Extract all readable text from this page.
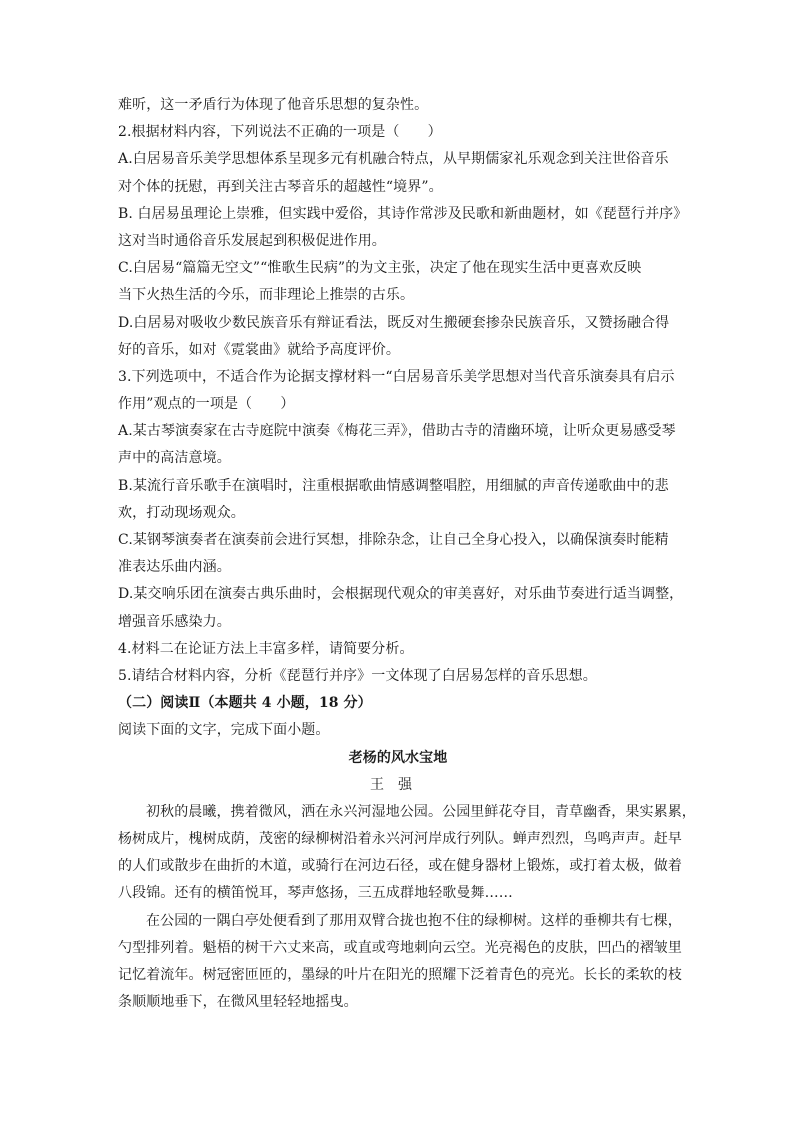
难听，这一矛盾行为体现了他音乐思想的复杂性。
2.根据材料内容，下列说法不正确的一项是（　　）
A.白居易音乐美学思想体系呈现多元有机融合特点，从早期儒家礼乐观念到关注世俗音乐
对个体的抚慰，再到关注古琴音乐的超越性“境界”。
B. 白居易虽理论上崇雅，但实践中爱俗，其诗作常涉及民歌和新曲题材，如《琵琶行并序》
这对当时通俗音乐发展起到积极促进作用。
C.白居易“篇篇无空文”“惟歌生民病”的为文主张，决定了他在现实生活中更喜欢反映
当下火热生活的今乐，而非理论上推崇的古乐。
D.白居易对吸收少数民族音乐有辩证看法，既反对生搬硬套掺杂民族音乐，又赞扬融合得
好的音乐，如对《霓裳曲》就给予高度评价。
3.下列选项中，不适合作为论据支撑材料一“白居易音乐美学思想对当代音乐演奏具有启示
作用”观点的一项是（　　）
A.某古琴演奏家在古寺庭院中演奏《梅花三弄》，借助古寺的清幽环境，让听众更易感受琴
声中的高洁意境。
B.某流行音乐歌手在演唱时，注重根据歌曲情感调整唱腔，用细腻的声音传递歌曲中的悲
欢，打动现场观众。
C.某钢琴演奏者在演奏前会进行冥想，排除杂念，让自己全身心投入，以确保演奏时能精
准表达乐曲内涵。
D.某交响乐团在演奏古典乐曲时，会根据现代观众的审美喜好，对乐曲节奏进行适当调整，
增强音乐感染力。
4.材料二在论证方法上丰富多样，请简要分析。
5.请结合材料内容，分析《琵琶行并序》一文体现了白居易怎样的音乐思想。
（二）阅读Ⅱ（本题共 4 小题，18 分）
阅读下面的文字，完成下面小题。
老杨的风水宝地
王强
初秋的晨曦，携着微风，洒在永兴河湿地公园。公园里鲜花夺目，青草幽香，果实累累，
杨树成片，槐树成荫，茂密的绿柳树沿着永兴河河岸成行列队。蝉声烈烈，鸟鸣声声。赶早
的人们或散步在曲折的木道，或骑行在河边石径，或在健身器材上锻炼，或打着太极，做着
八段锦。还有的横笛悦耳，琴声悠扬，三五成群地轻歌曼舞……
在公园的一隅白亭处便看到了那用双臂合拢也抱不住的绿柳树。这样的垂柳共有七棵，
勺型排列着。魁梧的树干六丈来高，或直或弯地刺向云空。光亮褐色的皮肤，凹凸的褶皱里
记忆着流年。树冠密匝匝的，墨绿的叶片在阳光的照耀下泛着青色的亮光。长长的柔软的枝
条顺顺地垂下，在微风里轻轻地摇曳。
